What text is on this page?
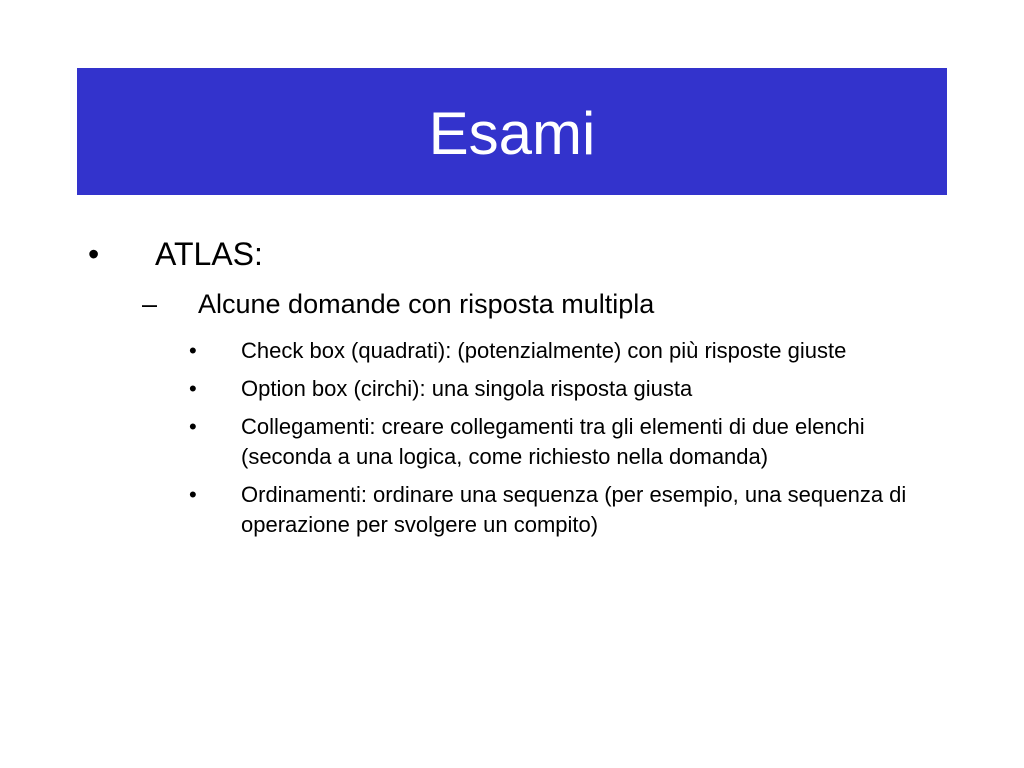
Esami
• ATLAS:
– Alcune domande con risposta multipla
• Check box (quadrati): (potenzialmente) con più risposte giuste
• Option box (circhi): una singola risposta giusta
• Collegamenti: creare collegamenti tra gli elementi di due elenchi (seconda a una logica, come richiesto nella domanda)
• Ordinamenti: ordinare una sequenza (per esempio, una sequenza di operazione per svolgere un compito)
